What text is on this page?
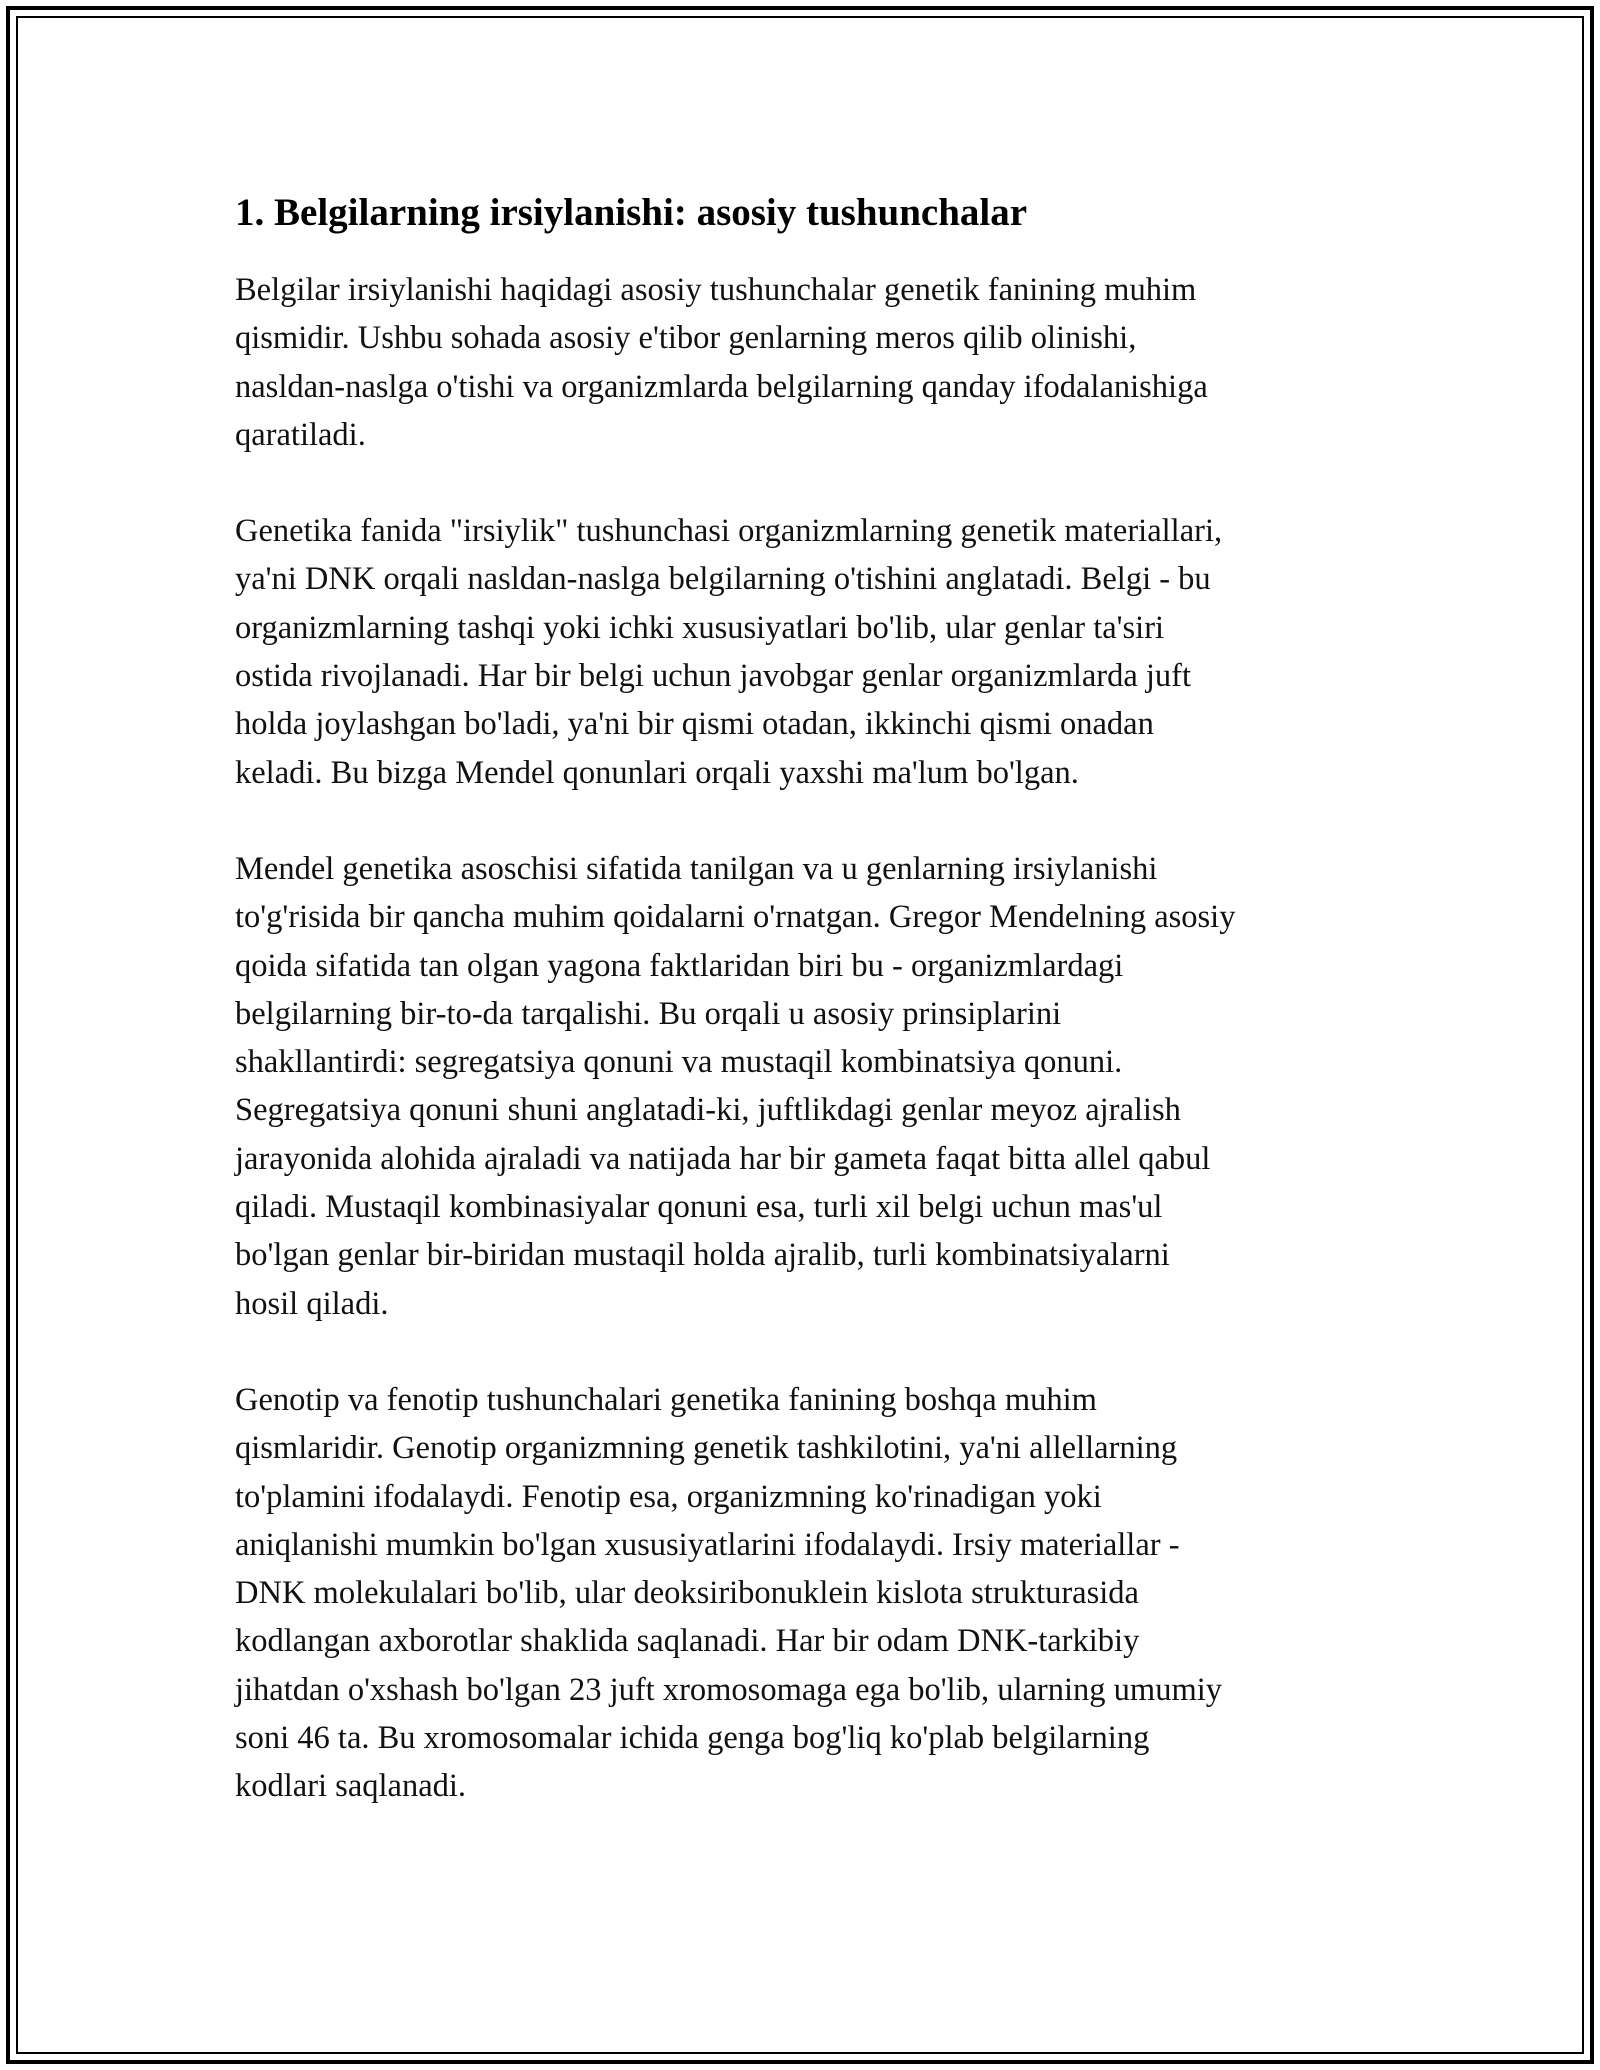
1. Belgilarning irsiylanishi: asosiy tushunchalar

Belgilar irsiylanishi haqidagi asosiy tushunchalar genetik fanining muhim
qismidir. Ushbu sohada asosiy e'tibor genlarning meros qilib olinishi,
nasldan-naslga o'tishi va organizmlarda belgilarning qanday ifodalanishiga
qaratiladi.

Genetika fanida "irsiylik" tushunchasi organizmlarning genetik materiallari,
ya'ni DNK orqali nasldan-naslga belgilarning o'tishini anglatadi. Belgi - bu
organizmlarning tashqi yoki ichki xususiyatlari bo'lib, ular genlar ta'siri
ostida rivojlanadi. Har bir belgi uchun javobgar genlar organizmlarda juft
holda joylashgan bo'ladi, ya'ni bir qismi otadan, ikkinchi qismi onadan
keladi. Bu bizga Mendel qonunlari orqali yaxshi ma'lum bo'lgan.

Mendel genetika asoschisi sifatida tanilgan va u genlarning irsiylanishi
to'g'risida bir qancha muhim qoidalarni o'rnatgan. Gregor Mendelning asosiy
qoida sifatida tan olgan yagona faktlaridan biri bu - organizmlardagi
belgilarning bir-to-da tarqalishi. Bu orqali u asosiy prinsiplarini
shakllantirdi: segregatsiya qonuni va mustaqil kombinatsiya qonuni.
Segregatsiya qonuni shuni anglatadi-ki, juftlikdagi genlar meyoz ajralish
jarayonida alohida ajraladi va natijada har bir gameta faqat bitta allel qabul
qiladi. Mustaqil kombinasiyalar qonuni esa, turli xil belgi uchun mas'ul
bo'lgan genlar bir-biridan mustaqil holda ajralib, turli kombinatsiyalarni
hosil qiladi.

Genotip va fenotip tushunchalari genetika fanining boshqa muhim
qismlaridir. Genotip organizmning genetik tashkilotini, ya'ni allellarning
to'plamini ifodalaydi. Fenotip esa, organizmning ko'rinadigan yoki
aniqlanishi mumkin bo'lgan xususiyatlarini ifodalaydi. Irsiy materiallar -
DNK molekulalari bo'lib, ular deoksiribonuklein kislota strukturasida
kodlangan axborotlar shaklida saqlanadi. Har bir odam DNK-tarkibiy
jihatdan o'xshash bo'lgan 23 juft xromosomaga ega bo'lib, ularning umumiy
soni 46 ta. Bu xromosomalar ichida genga bog'liq ko'plab belgilarning
kodlari saqlanadi.
